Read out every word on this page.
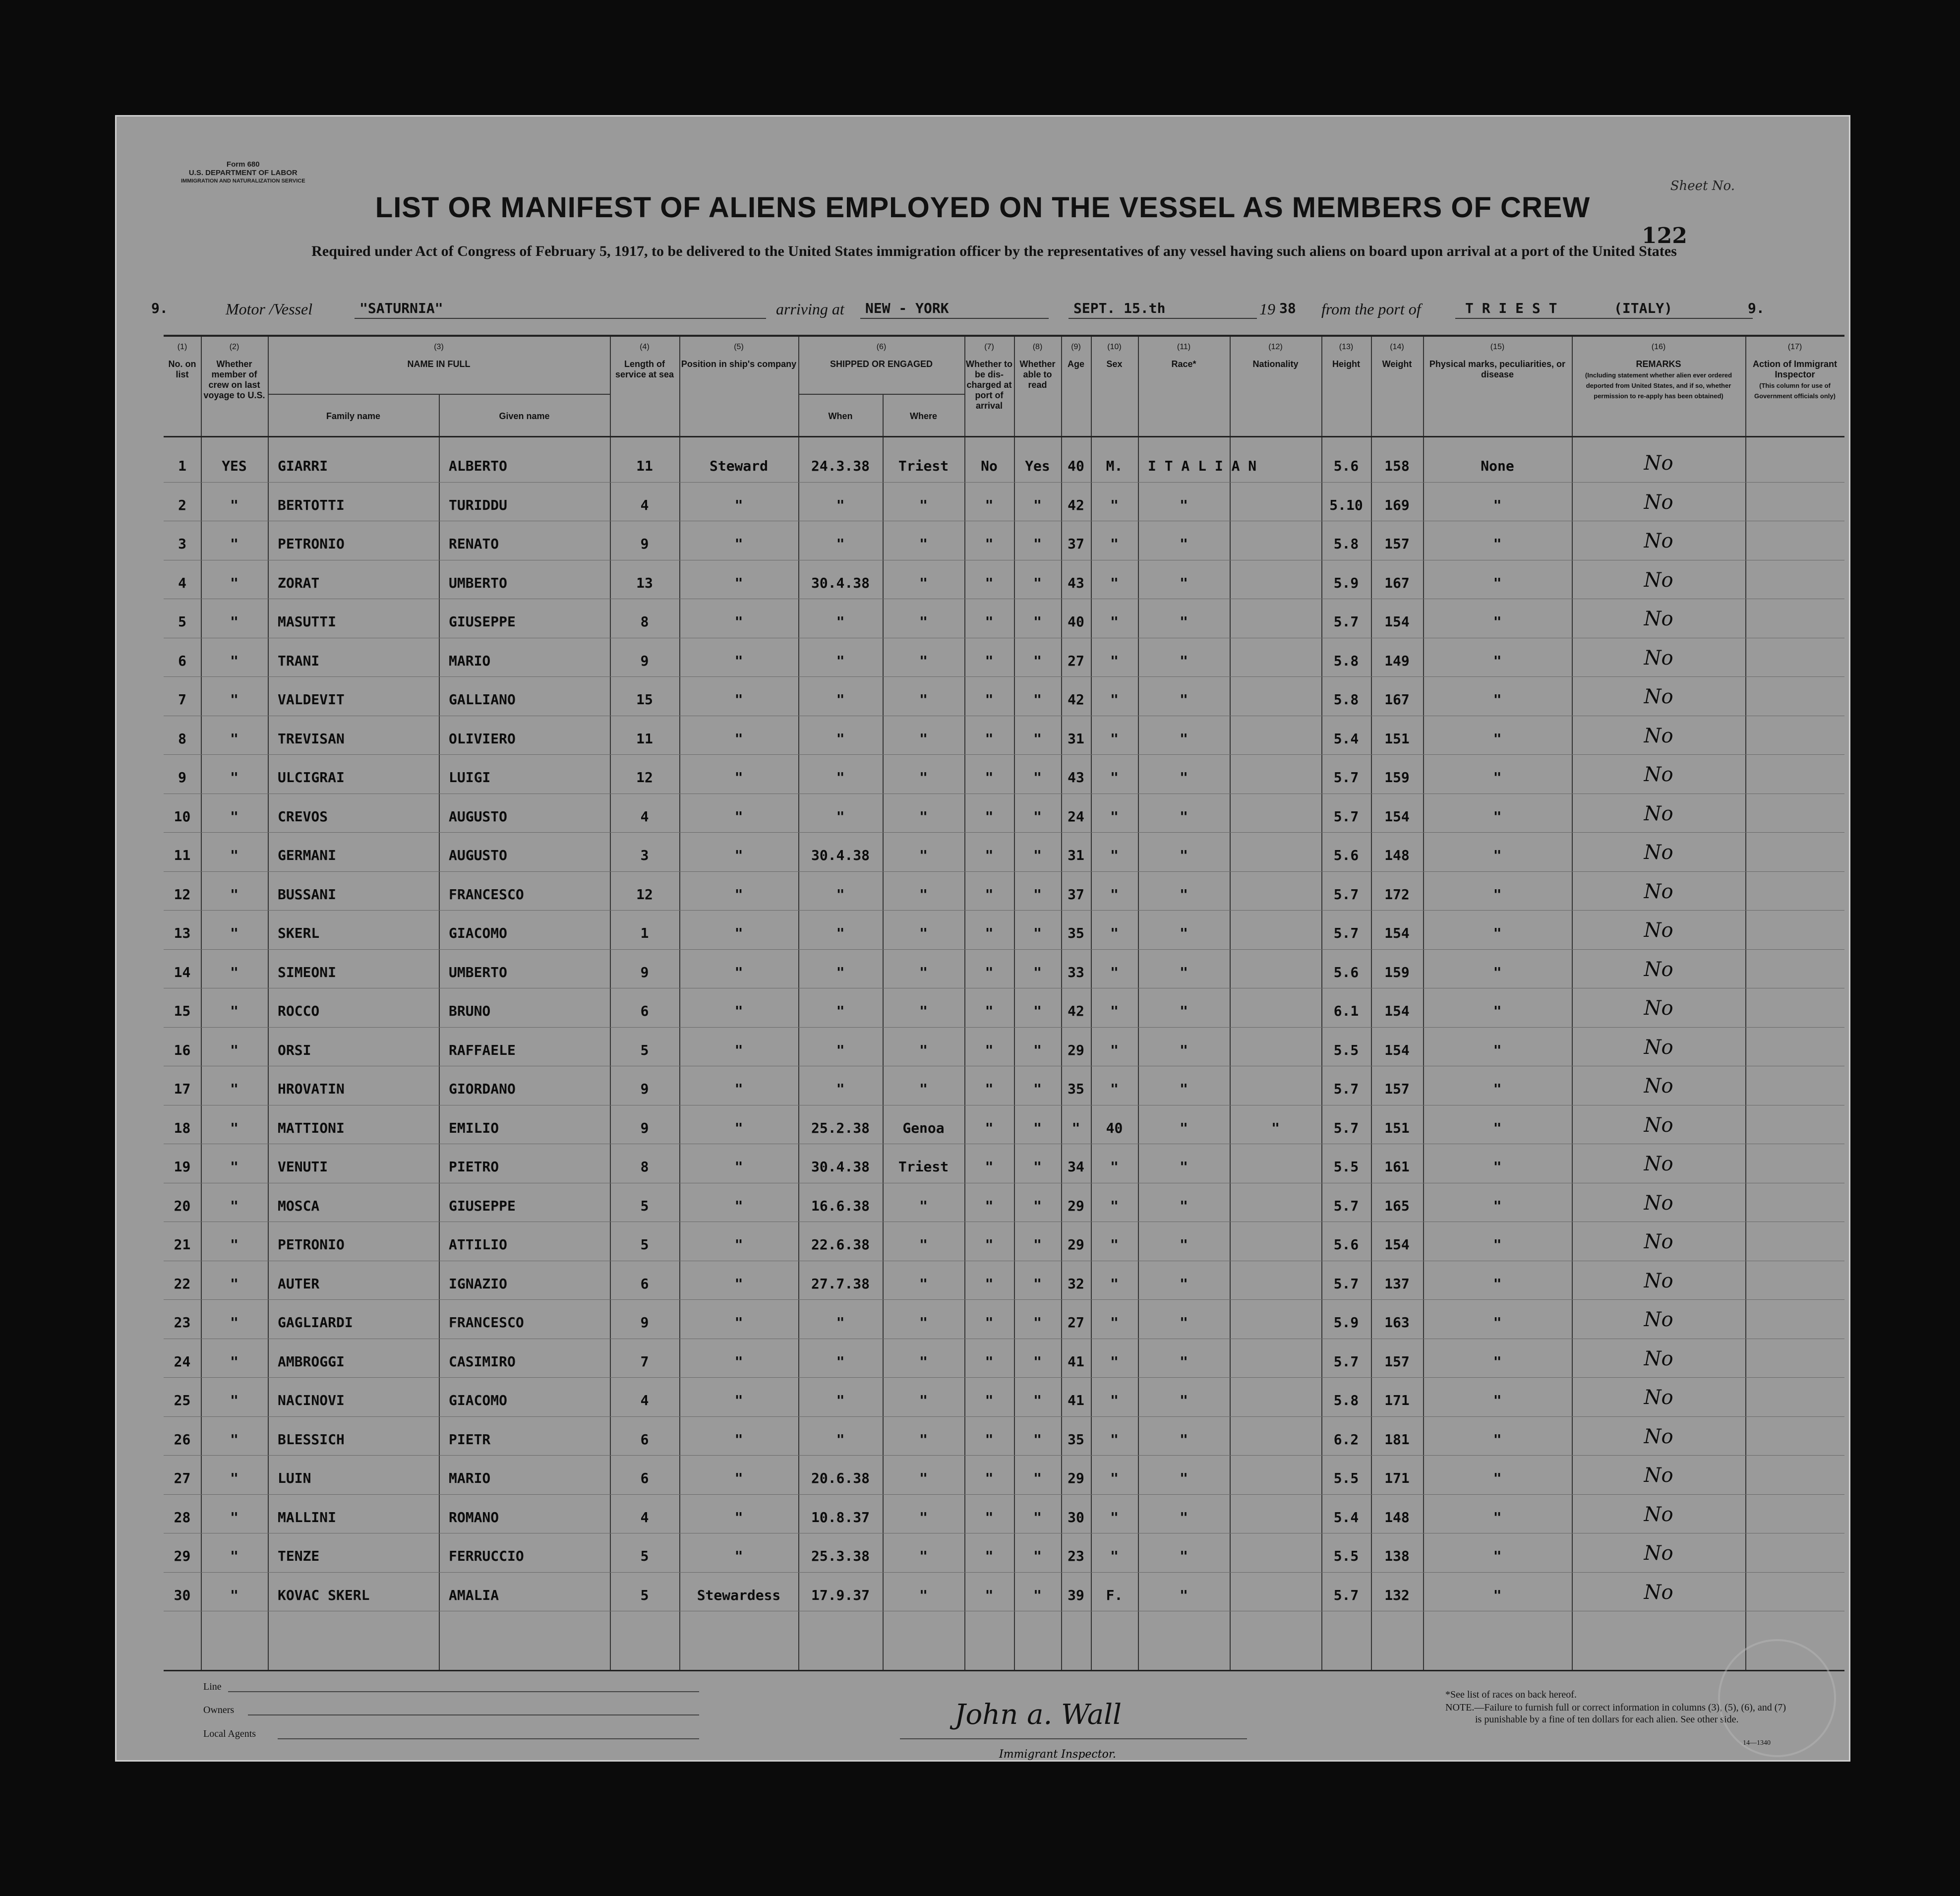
Form 680
U.S. DEPARTMENT OF LABOR
IMMIGRATION AND NATURALIZATION SERVICE	Sheet No.
122
LIST OR MANIFEST OF ALIENS EMPLOYED ON THE VESSEL AS MEMBERS OF CREW
Required under Act of Congress of February 5, 1917, to be delivered to the United States immigration officer by the representatives of any vessel having such aliens on board upon arrival at a port of the United States
9.	Motor /Vessel	"SATURNIA"	arriving at NEW - YORK	SEPT. 15.th	19 38 from the port of	T R I E S T	(ITALY)	9.
(1)
No. on list
(2)
Whether member of crew on last voyage to U.S.
(3)
NAME IN FULL
Family name	Given name
(4)
Length of service at sea
(5)
Position in ship's company
(6)
SHIPPED OR ENGAGED
When	Where
(7)
Whether to be dis-charged at port of arrival
(8)
Whether able to read
(9)
Age
(10)
Sex
(11)
Race*
(12)
Nationality
(13)
Height
(14)
Weight
(15)
Physical marks, peculiarities, or disease
(16)
REMARKS
(Including statement whether alien ever ordered deported from United States, and if so, whether permission to re-apply has been obtained)
(17)
Action of Immigrant Inspector
(This column for use of Government officials only)
1	YES	GIARRI	ALBERTO	11	Steward	24.3.38	Triest	No	Yes	40	M.	I T A L I A N	5.6	158	None	No
2	"	BERTOTTI	TURIDDU	4	"	"	"	"	"	42	"	"	5.10	169	"	No
3	"	PETRONIO	RENATO	9	"	"	"	"	"	37	"	"	5.8	157	"	No
4	"	ZORAT	UMBERTO	13	"	30.4.38	"	"	"	43	"	"	5.9	167	"	No
5	"	MASUTTI	GIUSEPPE	8	"	"	"	"	"	40	"	"	5.7	154	"	No
6	"	TRANI	MARIO	9	"	"	"	"	"	27	"	"	5.8	149	"	No
7	"	VALDEVIT	GALLIANO	15	"	"	"	"	"	42	"	"	5.8	167	"	No
8	"	TREVISAN	OLIVIERO	11	"	"	"	"	"	31	"	"	5.4	151	"	No
9	"	ULCIGRAI	LUIGI	12	"	"	"	"	"	43	"	"	5.7	159	"	No
10	"	CREVOS	AUGUSTO	4	"	"	"	"	"	24	"	"	5.7	154	"	No
11	"	GERMANI	AUGUSTO	3	"	30.4.38	"	"	"	31	"	"	5.6	148	"	No
12	"	BUSSANI	FRANCESCO	12	"	"	"	"	"	37	"	"	5.7	172	"	No
13	"	SKERL	GIACOMO	1	"	"	"	"	"	35	"	"	5.7	154	"	No
14	"	SIMEONI	UMBERTO	9	"	"	"	"	"	33	"	"	5.6	159	"	No
15	"	ROCCO	BRUNO	6	"	"	"	"	"	42	"	"	6.1	154	"	No
16	"	ORSI	RAFFAELE	5	"	"	"	"	"	29	"	"	5.5	154	"	No
17	"	HROVATIN	GIORDANO	9	"	"	"	"	"	35	"	"	5.7	157	"	No
18	"	MATTIONI	EMILIO	9	"	25.2.38	Genoa	"	"	"	40	"	"	5.7	151	"	No
19	"	VENUTI	PIETRO	8	"	30.4.38	Triest	"	"	34	"	"	5.5	161	"	No
20	"	MOSCA	GIUSEPPE	5	"	16.6.38	"	"	"	29	"	"	5.7	165	"	No
21	"	PETRONIO	ATTILIO	5	"	22.6.38	"	"	"	29	"	"	5.6	154	"	No
22	"	AUTER	IGNAZIO	6	"	27.7.38	"	"	"	32	"	"	5.7	137	"	No
23	"	GAGLIARDI	FRANCESCO	9	"	"	"	"	"	27	"	"	5.9	163	"	No
24	"	AMBROGGI	CASIMIRO	7	"	"	"	"	"	41	"	"	5.7	157	"	No
25	"	NACINOVI	GIACOMO	4	"	"	"	"	"	41	"	"	5.8	171	"	No
26	"	BLESSICH	PIETR	6	"	"	"	"	"	35	"	"	6.2	181	"	No
27	"	LUIN	MARIO	6	"	20.6.38	"	"	"	29	"	"	5.5	171	"	No
28	"	MALLINI	ROMANO	4	"	10.8.37	"	"	"	30	"	"	5.4	148	"	No
29	"	TENZE	FERRUCCIO	5	"	25.3.38	"	"	"	23	"	"	5.5	138	"	No
30	"	KOVAC SKERL	AMALIA	5	Stewardess	17.9.37	"	"	"	39	F.	"	5.7	132	"	No
Line
Owners
Local Agents
*See list of races on back hereof.
NOTE.—Failure to furnish full or correct information in columns (3), (5), (6), and (7)
is punishable by a fine of ten dollars for each alien. See other side.
14—1340
John a. Wall
Immigrant Inspector.
